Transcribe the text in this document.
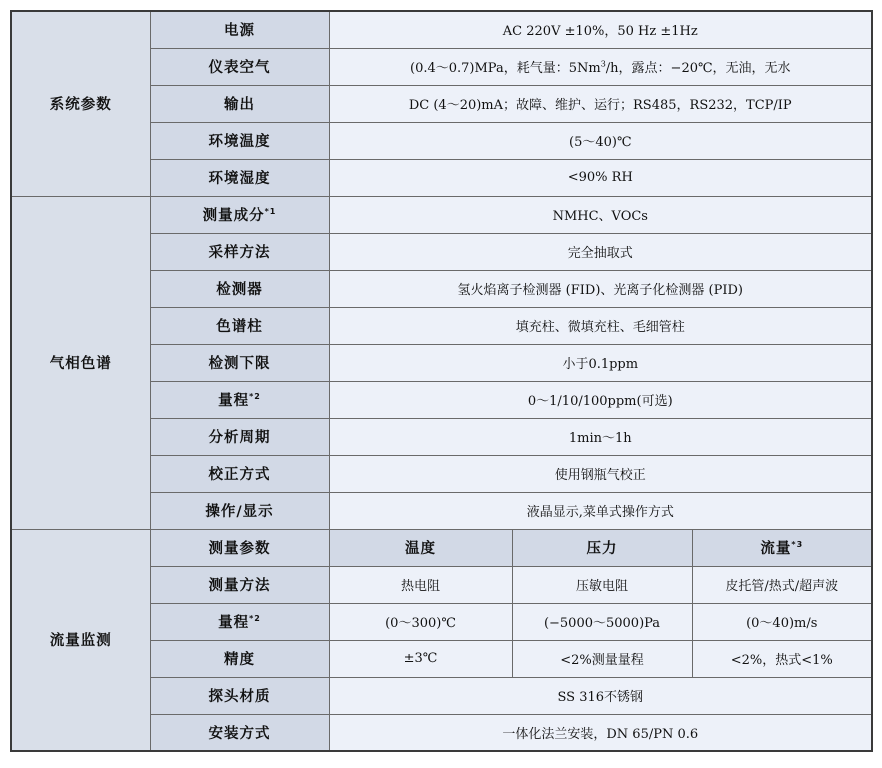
系统参数	电源	AC 220V ±10%，50 Hz ±1Hz		
	仪表空气	(0.4～0.7)MPa，耗气量：5Nm$^3$/h，露点：−20℃，无油，无水		
	输出	DC (4～20)mA；故障、维护、运行；RS485，RS232，TCP/IP		
	环境温度	(5～40)℃		
	环境湿度	<90% RH		
气相色谱	测量成分$^{*1}$	NMHC、VOCs		
	采样方法	完全抽取式		
	检测器	氢火焰离子检测器 (FID)、光离子化检测器 (PID)		
	色谱柱	填充柱、微填充柱、毛细管柱		
	检测下限	小于0.1ppm		
	量程$^{*2}$	0～1/10/100ppm(可选)		
	分析周期	1min～1h		
	校正方式	使用钢瓶气校正		
	操作/显示	液晶显示,菜单式操作方式		
流量监测	测量参数	温度	压力	流量$^{*3}$
	测量方法	热电阻	压敏电阻	皮托管/热式/超声波
	量程$^{*2}$	(0～300)℃	(−5000～5000)Pa	(0～40)m/s
	精度	±3℃	<2%测量量程	<2%，热式<1%
	探头材质	SS 316不锈钢		
	安装方式	一体化法兰安装，DN 65/PN 0.6		
